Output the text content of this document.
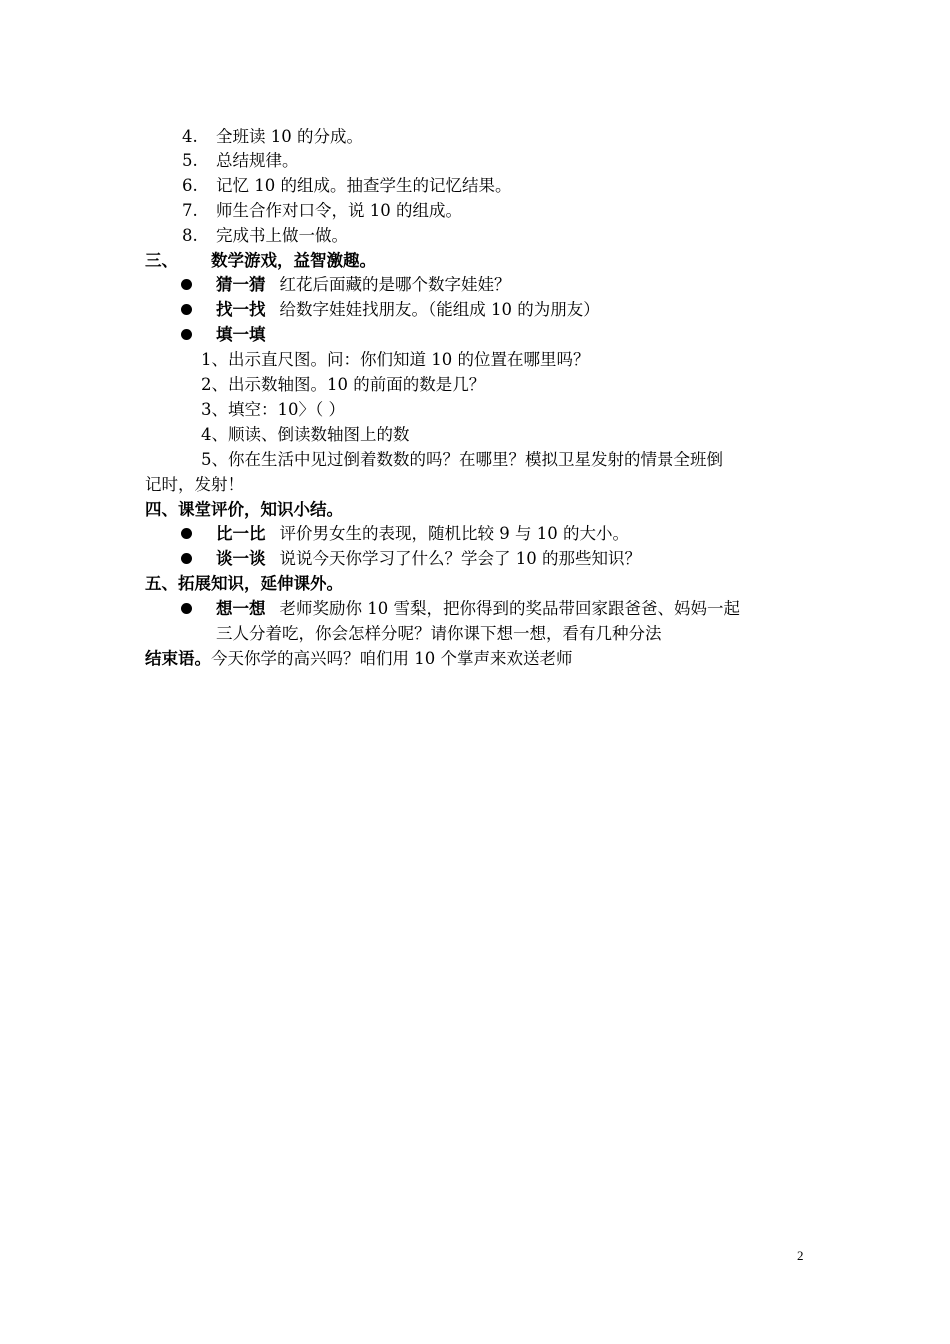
4. 全班读 10 的分成。
5. 总结规律。
6. 记忆 10 的组成。抽查学生的记忆结果。
7. 师生合作对口令，说 10 的组成。
8. 完成书上做一做。
三、 数学游戏，益智激趣。
猜一猜 红花后面藏的是哪个数字娃娃？
找一找 给数字娃娃找朋友。（能组成 10 的为朋友）
填一填
1、出示直尺图。问：你们知道 10 的位置在哪里吗？
2、出示数轴图。10 的前面的数是几？
3、填空：10〉（ ）
4、顺读、倒读数轴图上的数
5、你在生活中见过倒着数数的吗？在哪里？模拟卫星发射的情景全班倒
记时，发射！
四、课堂评价，知识小结。
比一比 评价男女生的表现，随机比较 9 与 10 的大小。
谈一谈 说说今天你学习了什么？学会了 10 的那些知识？
五、拓展知识，延伸课外。
想一想 老师奖励你 10 雪梨，把你得到的奖品带回家跟爸爸、妈妈一起
三人分着吃，你会怎样分呢？请你课下想一想，看有几种分法
结束语。今天你学的高兴吗？咱们用 10 个掌声来欢送老师
2
